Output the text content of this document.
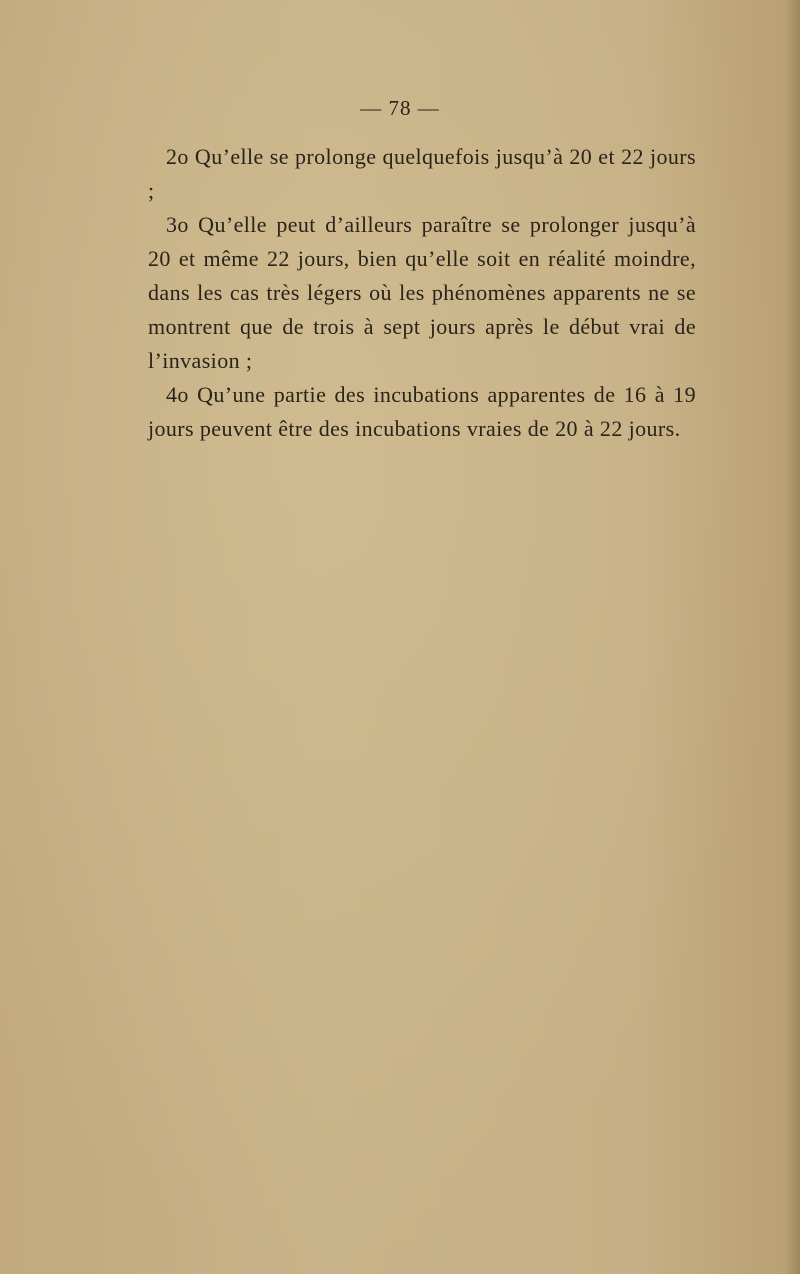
— 78 —

2o Qu’elle se prolonge quelquefois jusqu’à 20 et 22 jours ;

3o Qu’elle peut d’ailleurs paraître se prolonger jusqu’à 20 et même 22 jours, bien qu’elle soit en réalité moindre, dans les cas très légers où les phénomènes apparents ne se montrent que de trois à sept jours après le début vrai de l’invasion ;

4o Qu’une partie des incubations apparentes de 16 à 19 jours peuvent être des incubations vraies de 20 à 22 jours.
